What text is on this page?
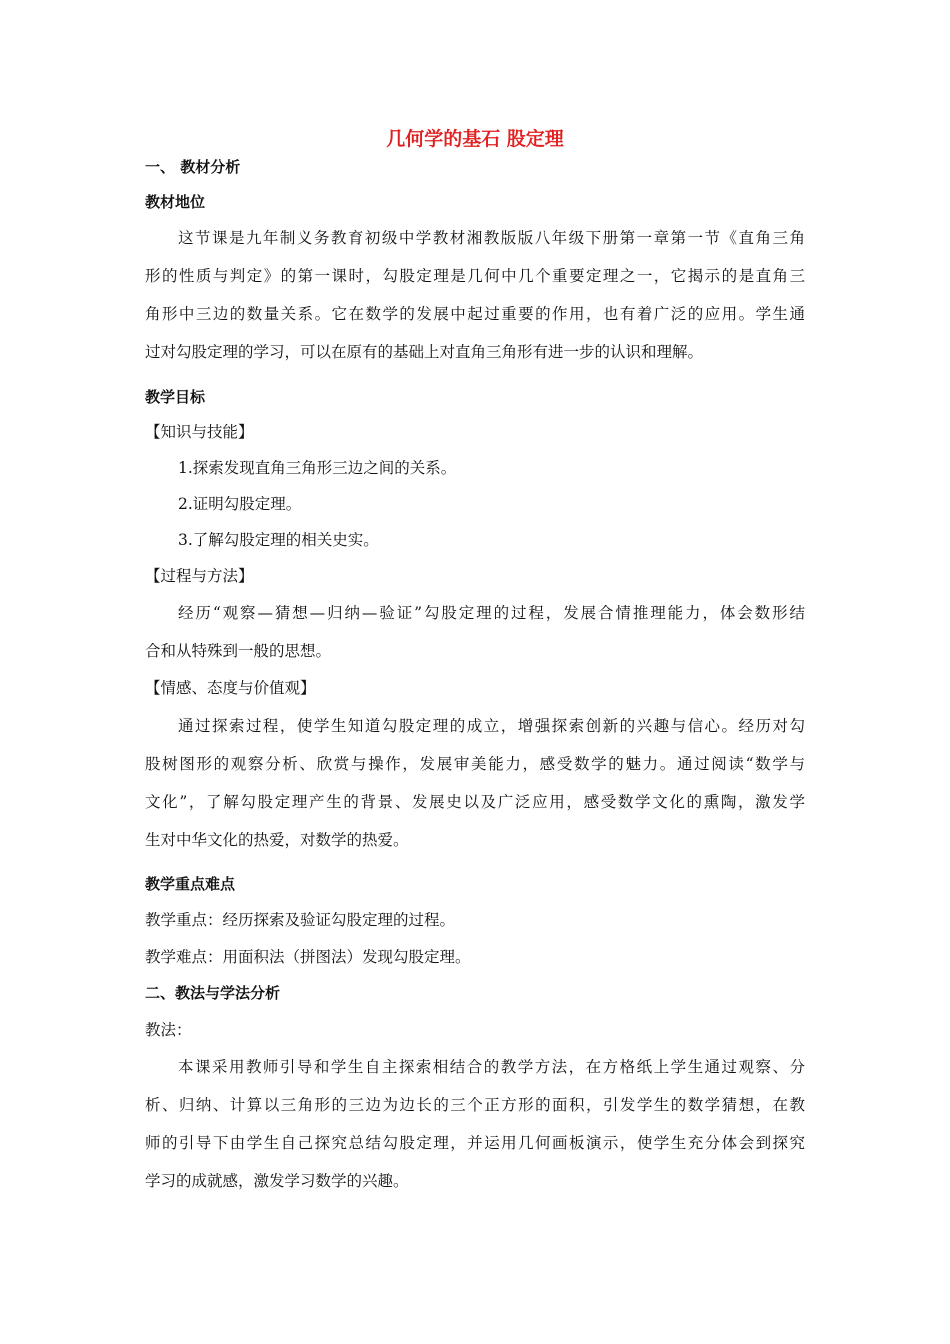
几何学的基石 股定理
一、 教材分析
教材地位
这节课是九年制义务教育初级中学教材湘教版版八年级下册第一章第一节《直角三角
形的性质与判定》的第一课时，勾股定理是几何中几个重要定理之一，它揭示的是直角三
角形中三边的数量关系。它在数学的发展中起过重要的作用，也有着广泛的应用。学生通
过对勾股定理的学习，可以在原有的基础上对直角三角形有进一步的认识和理解。
教学目标
【知识与技能】
1.探索发现直角三角形三边之间的关系。
2.证明勾股定理。
3.了解勾股定理的相关史实。
【过程与方法】
经历“观察—猜想—归纳—验证”勾股定理的过程，发展合情推理能力，体会数形结
合和从特殊到一般的思想。
【情感、态度与价值观】
通过探索过程，使学生知道勾股定理的成立，增强探索创新的兴趣与信心。经历对勾
股树图形的观察分析、欣赏与操作，发展审美能力，感受数学的魅力。通过阅读“数学与
文化”，了解勾股定理产生的背景、发展史以及广泛应用，感受数学文化的熏陶，激发学
生对中华文化的热爱，对数学的热爱。
教学重点难点
教学重点：经历探索及验证勾股定理的过程。
教学难点：用面积法（拼图法）发现勾股定理。
二、教法与学法分析
教法：
本课采用教师引导和学生自主探索相结合的教学方法，在方格纸上学生通过观察、分
析、归纳、计算以三角形的三边为边长的三个正方形的面积，引发学生的数学猜想，在教
师的引导下由学生自己探究总结勾股定理，并运用几何画板演示，使学生充分体会到探究
学习的成就感，激发学习数学的兴趣。
